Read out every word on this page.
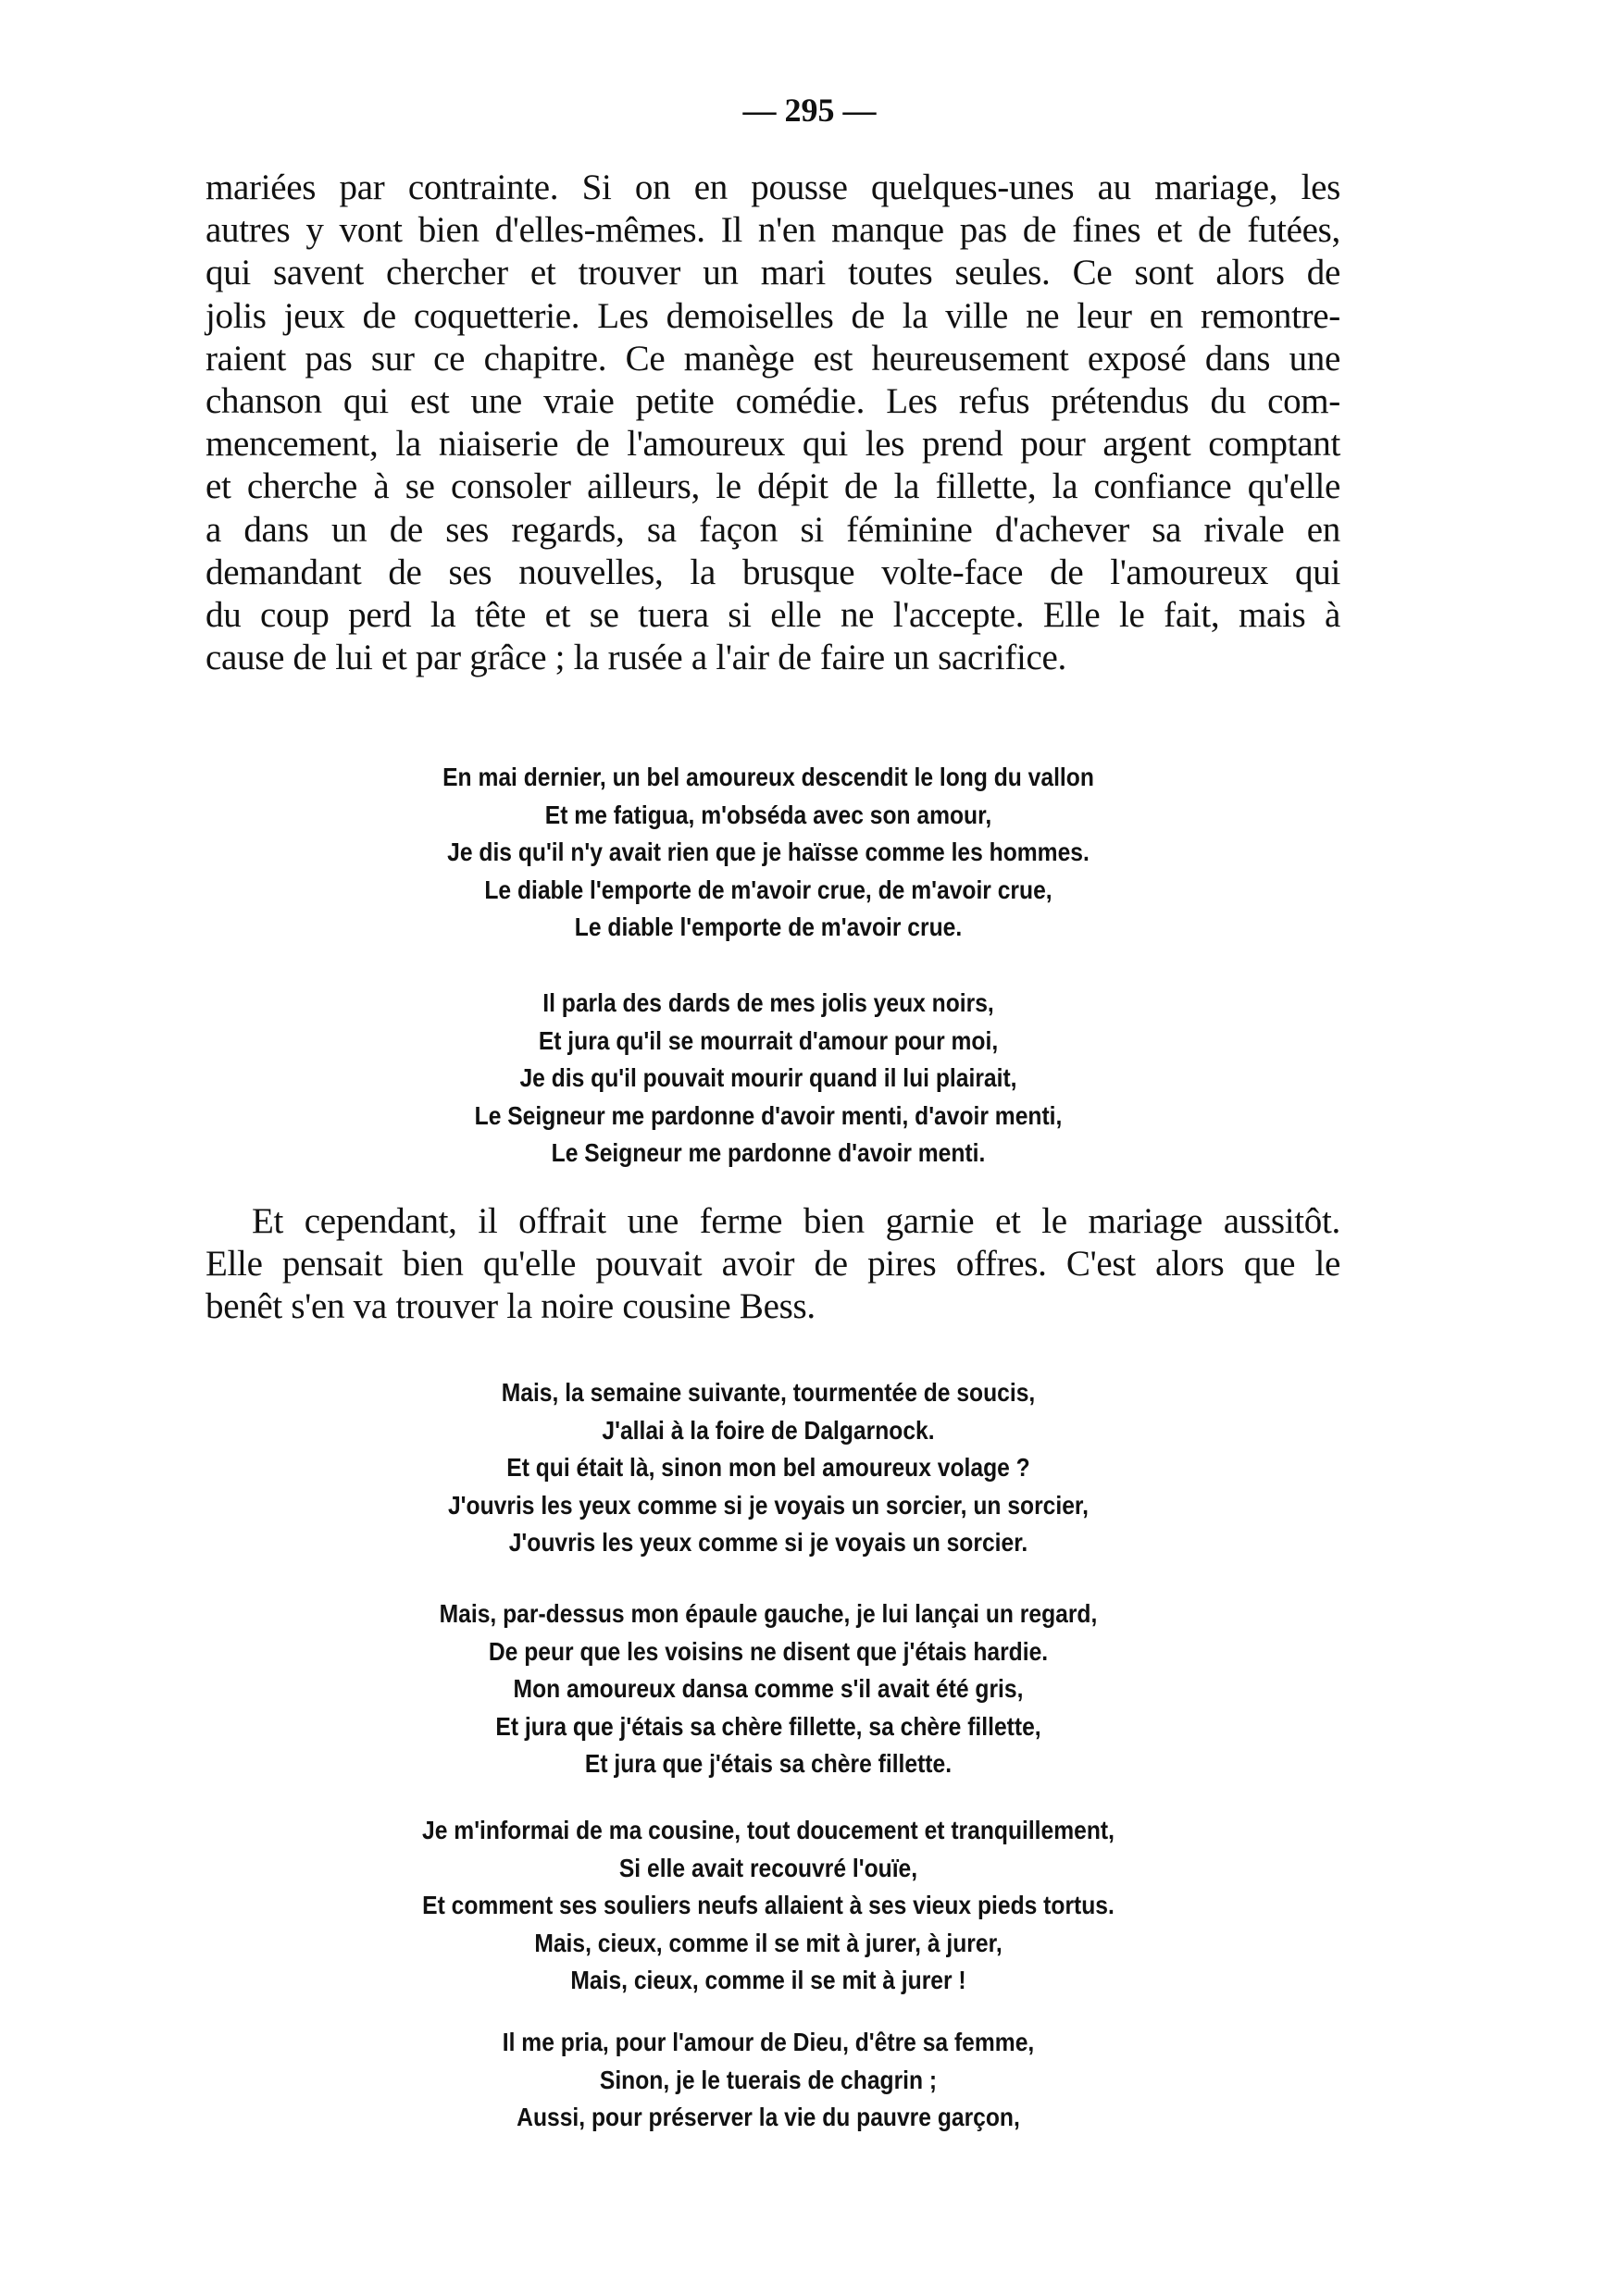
— 295 —
mariées par contrainte. Si on en pousse quelques-unes au mariage, les
autres y vont bien d'elles-mêmes. Il n'en manque pas de fines et de futées,
qui savent chercher et trouver un mari toutes seules. Ce sont alors de
jolis jeux de coquetterie. Les demoiselles de la ville ne leur en remontre-
raient pas sur ce chapitre. Ce manège est heureusement exposé dans une
chanson qui est une vraie petite comédie. Les refus prétendus du com-
mencement, la niaiserie de l'amoureux qui les prend pour argent comptant
et cherche à se consoler ailleurs, le dépit de la fillette, la confiance qu'elle
a dans un de ses regards, sa façon si féminine d'achever sa rivale en
demandant de ses nouvelles, la brusque volte-face de l'amoureux qui
du coup perd la tête et se tuera si elle ne l'accepte. Elle le fait, mais à
cause de lui et par grâce ; la rusée a l'air de faire un sacrifice.
En mai dernier, un bel amoureux descendit le long du vallon
Et me fatigua, m'obséda avec son amour,
Je dis qu'il n'y avait rien que je haïsse comme les hommes.
Le diable l'emporte de m'avoir crue, de m'avoir crue,
Le diable l'emporte de m'avoir crue.
Il parla des dards de mes jolis yeux noirs,
Et jura qu'il se mourrait d'amour pour moi,
Je dis qu'il pouvait mourir quand il lui plairait,
Le Seigneur me pardonne d'avoir menti, d'avoir menti,
Le Seigneur me pardonne d'avoir menti.
Et cependant, il offrait une ferme bien garnie et le mariage aussitôt.
Elle pensait bien qu'elle pouvait avoir de pires offres. C'est alors que le
benêt s'en va trouver la noire cousine Bess.
Mais, la semaine suivante, tourmentée de soucis,
J'allai à la foire de Dalgarnock.
Et qui était là, sinon mon bel amoureux volage ?
J'ouvris les yeux comme si je voyais un sorcier, un sorcier,
J'ouvris les yeux comme si je voyais un sorcier.
Mais, par-dessus mon épaule gauche, je lui lançai un regard,
De peur que les voisins ne disent que j'étais hardie.
Mon amoureux dansa comme s'il avait été gris,
Et jura que j'étais sa chère fillette, sa chère fillette,
Et jura que j'étais sa chère fillette.
Je m'informai de ma cousine, tout doucement et tranquillement,
Si elle avait recouvré l'ouïe,
Et comment ses souliers neufs allaient à ses vieux pieds tortus.
Mais, cieux, comme il se mit à jurer, à jurer,
Mais, cieux, comme il se mit à jurer !
Il me pria, pour l'amour de Dieu, d'être sa femme,
Sinon, je le tuerais de chagrin ;
Aussi, pour préserver la vie du pauvre garçon,
